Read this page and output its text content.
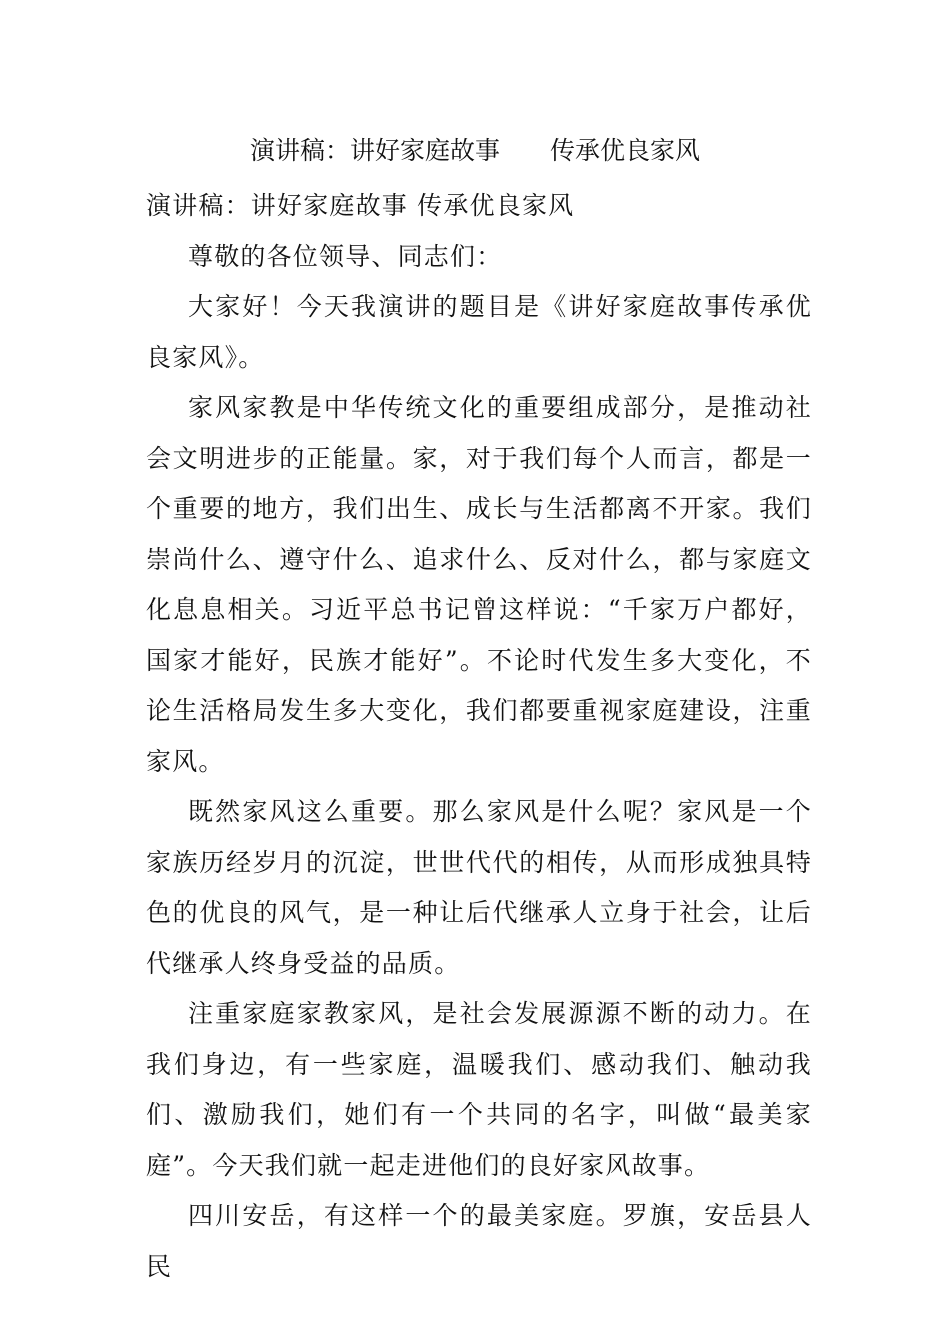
演讲稿：讲好家庭故事　　传承优良家风

演讲稿：讲好家庭故事 传承优良家风

尊敬的各位领导、同志们：

大家好！今天我演讲的题目是《讲好家庭故事传承优良家风》。

家风家教是中华传统文化的重要组成部分，是推动社会文明进步的正能量。家，对于我们每个人而言，都是一个重要的地方，我们出生、成长与生活都离不开家。我们崇尚什么、遵守什么、追求什么、反对什么，都与家庭文化息息相关。习近平总书记曾这样说：“千家万户都好，国家才能好，民族才能好”。不论时代发生多大变化，不论生活格局发生多大变化，我们都要重视家庭建设，注重家风。

既然家风这么重要。那么家风是什么呢？家风是一个家族历经岁月的沉淀，世世代代的相传，从而形成独具特色的优良的风气，是一种让后代继承人立身于社会，让后代继承人终身受益的品质。

注重家庭家教家风，是社会发展源源不断的动力。在我们身边，有一些家庭，温暖我们、感动我们、触动我们、激励我们，她们有一个共同的名字，叫做“最美家庭”。今天我们就一起走进他们的良好家风故事。

四川安岳，有这样一个的最美家庭。罗旗，安岳县人民
